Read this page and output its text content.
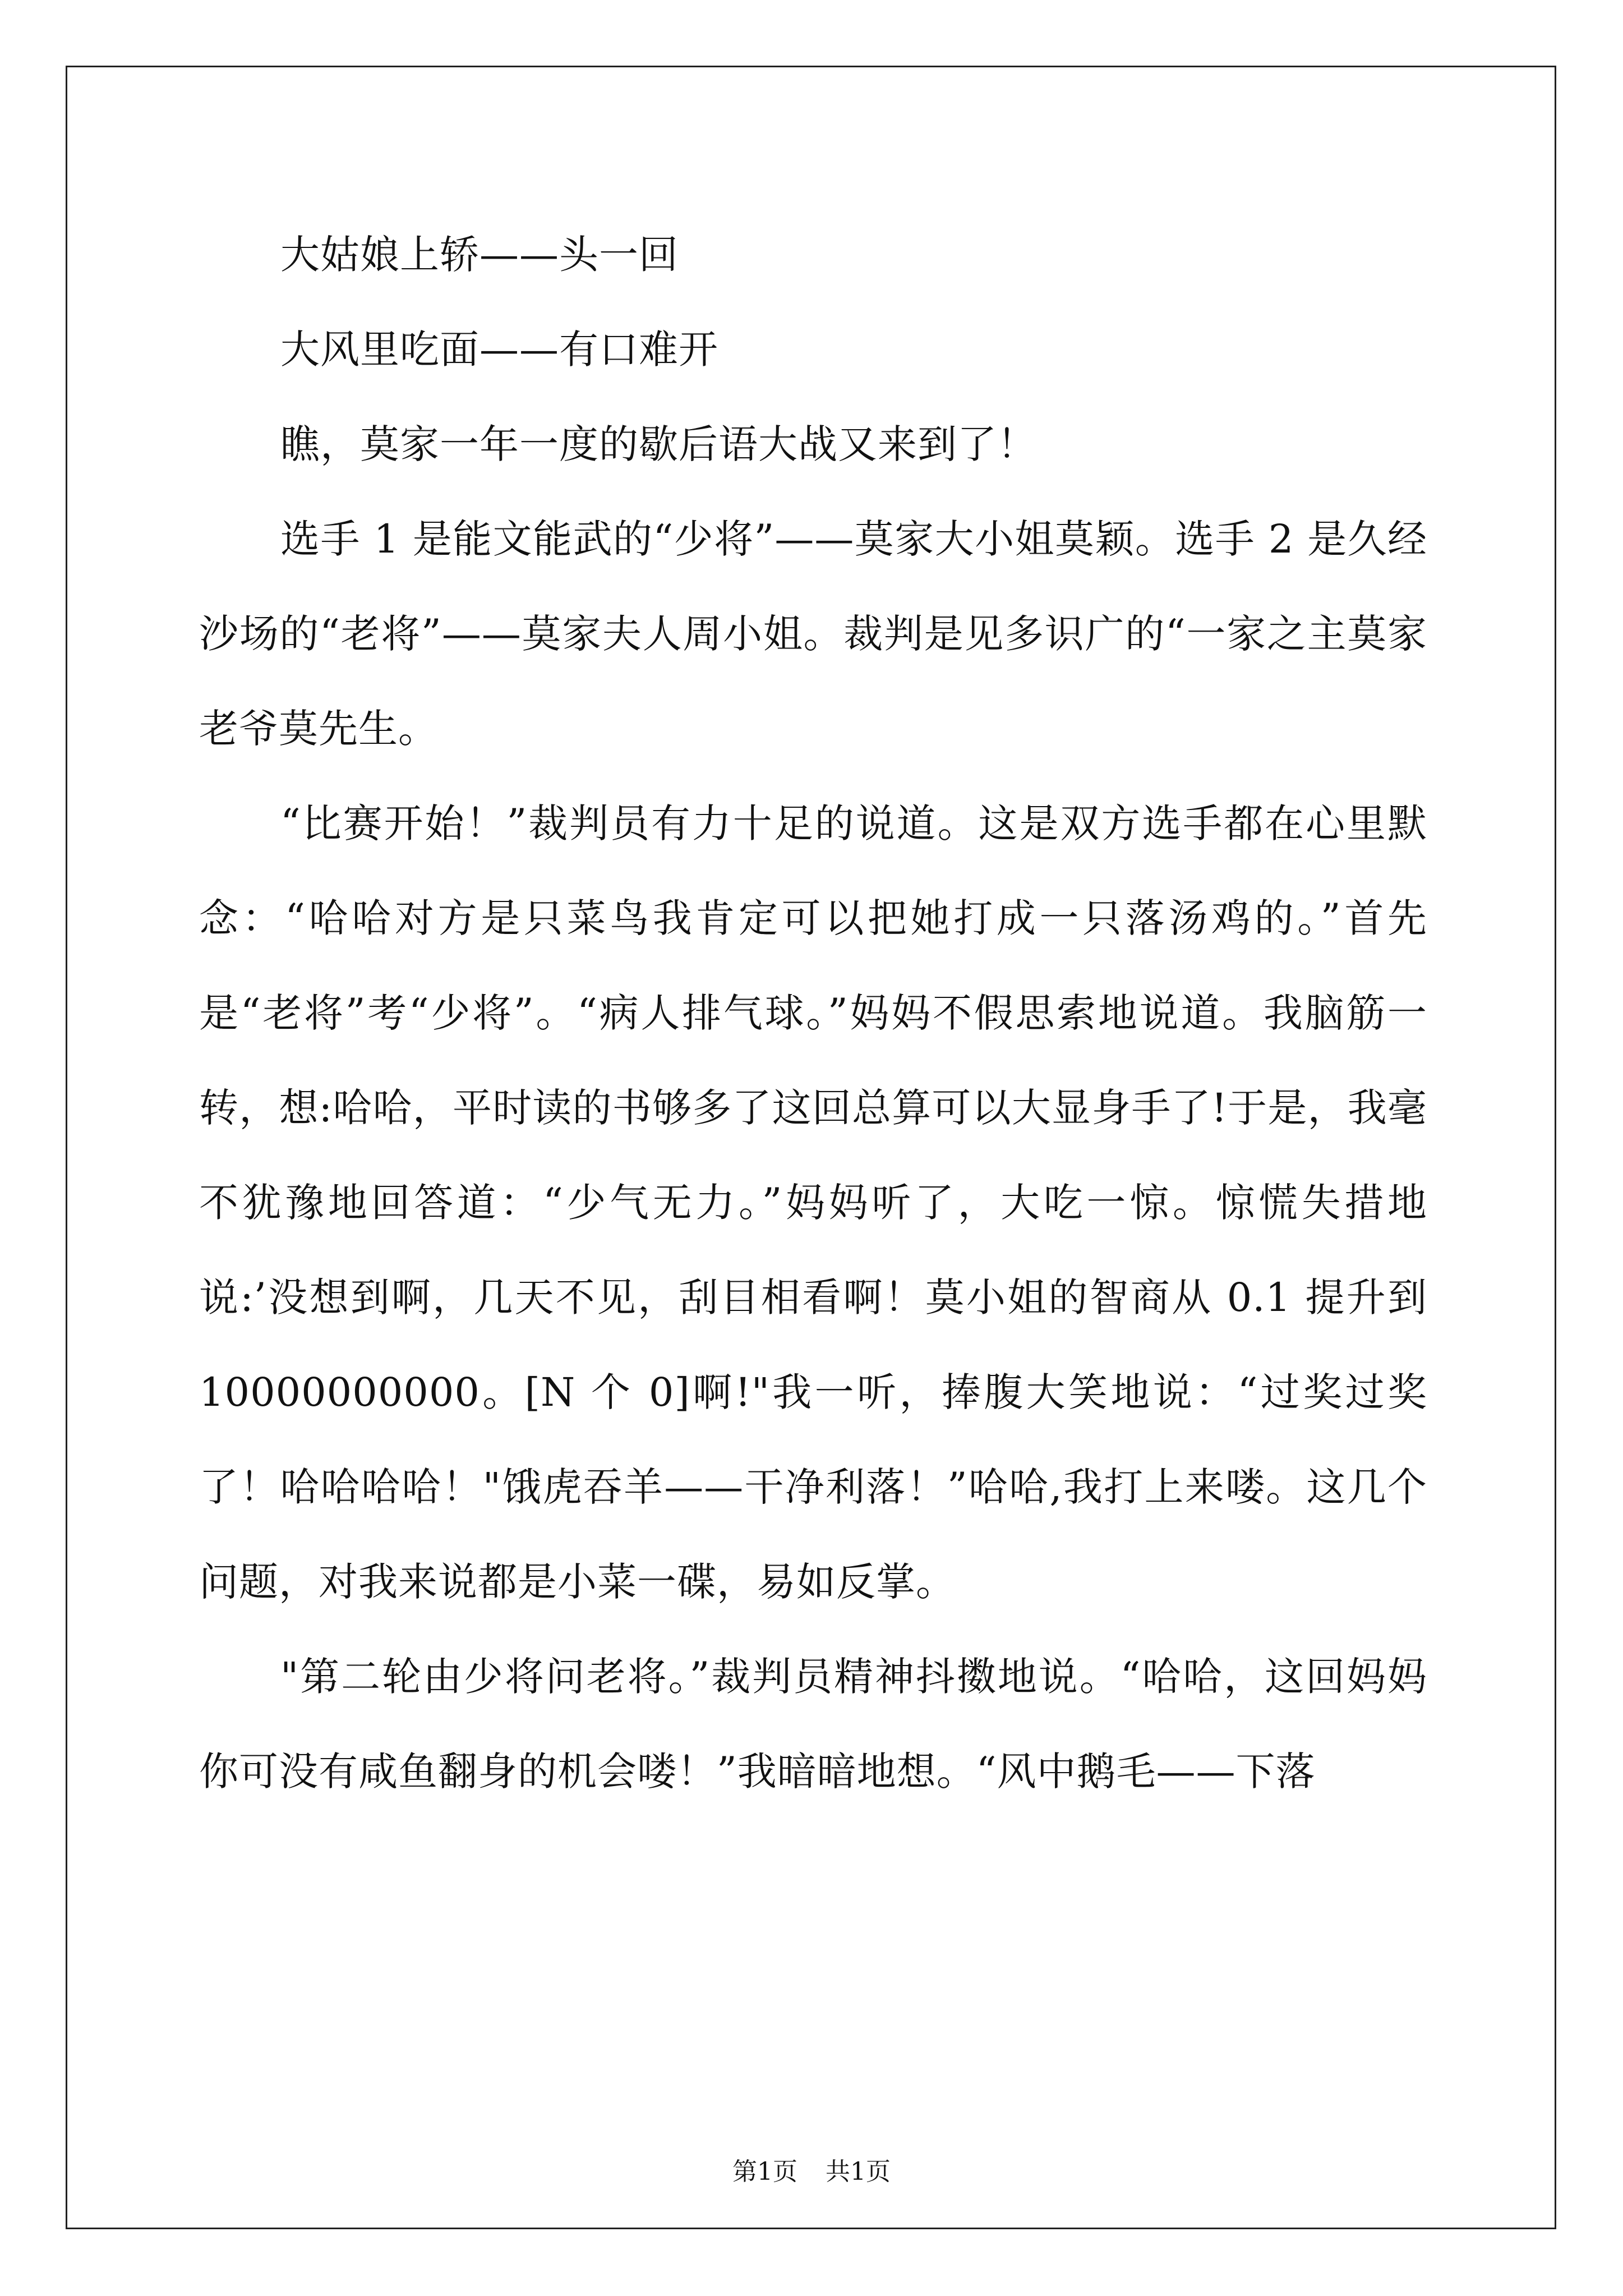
大姑娘上轿——头一回

大风里吃面——有口难开

瞧，莫家一年一度的歇后语大战又来到了！

选手 1 是能文能武的“少将”——莫家大小姐莫颖。选手 2 是久经沙场的“老将”——莫家夫人周小姐。裁判是见多识广的“一家之主莫家老爷莫先生。

“比赛开始！”裁判员有力十足的说道。这是双方选手都在心里默念：“哈哈对方是只菜鸟我肯定可以把她打成一只落汤鸡的。”首先是“老将”考“少将”。“病人排气球。”妈妈不假思索地说道。我脑筋一转，想:哈哈，平时读的书够多了这回总算可以大显身手了!于是，我毫不犹豫地回答道：“少气无力。”妈妈听了，大吃一惊。惊慌失措地说:’没想到啊，几天不见，刮目相看啊！莫小姐的智商从 0.1 提升到 10000000000。[N 个 0]啊!"我一听，捧腹大笑地说：“过奖过奖了！哈哈哈哈！"饿虎吞羊——干净利落！”哈哈,我打上来喽。这几个问题，对我来说都是小菜一碟，易如反掌。

"第二轮由少将问老将。”裁判员精神抖擞地说。“哈哈，这回妈妈你可没有咸鱼翻身的机会喽！”我暗暗地想。“风中鹅毛——下落

第1页 共1页
